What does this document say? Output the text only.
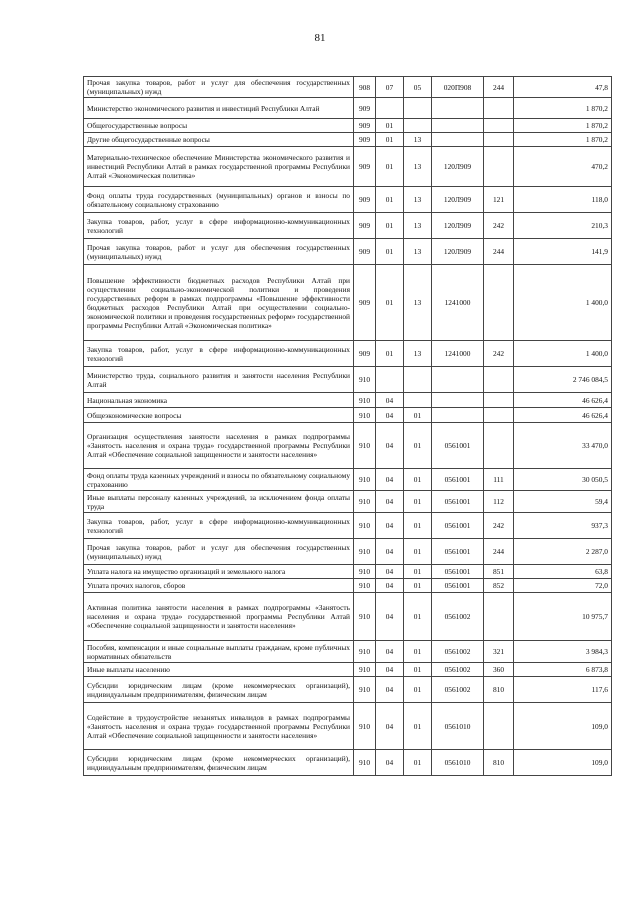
81
Прочая закупка товаров, работ и услуг для обеспечения государственных (муниципальных) нужд	908	07	05	020П908	244	47,8
Министерство экономического развития и инвестиций Республики Алтай	909					1 870,2
Общегосударственные вопросы	909	01				1 870,2
Другие общегосударственные вопросы	909	01	13			1 870,2
Материально-техническое обеспечение Министерства экономического развития и инвестиций Республики Алтай в рамках государственной программы Республики Алтай «Экономическая политика»	909	01	13	120Л909		470,2
Фонд оплаты труда государственных (муниципальных) органов и взносы по обязательному социальному страхованию	909	01	13	120Л909	121	118,0
Закупка товаров, работ, услуг в сфере информационно-коммуникационных технологий	909	01	13	120Л909	242	210,3
Прочая закупка товаров, работ и услуг для обеспечения государственных (муниципальных) нужд	909	01	13	120Л909	244	141,9
Повышение эффективности бюджетных расходов Республики Алтай при осуществлении социально-экономической политики и проведения государственных реформ в рамках подпрограммы «Повышение эффективности бюджетных расходов Республики Алтай при осуществлении социально-экономической политики и проведения государственных реформ» государственной программы Республики Алтай «Экономическая политика»	909	01	13	1241000		1 400,0
Закупка товаров, работ, услуг в сфере информационно-коммуникационных технологий	909	01	13	1241000	242	1 400,0
Министерство труда, социального развития и занятости населения Республики Алтай	910					2 746 084,5
Национальная экономика	910	04				46 626,4
Общеэкономические вопросы	910	04	01			46 626,4
Организация осуществления занятости населения в рамках подпрограммы «Занятость населения и охрана труда» государственной программы Республики Алтай «Обеспечение социальной защищенности и занятости населения»	910	04	01	0561001		33 470,0
Фонд оплаты труда казенных учреждений и взносы по обязательному социальному страхованию	910	04	01	0561001	111	30 050,5
Иные выплаты персоналу казенных учреждений, за исключением фонда оплаты труда	910	04	01	0561001	112	59,4
Закупка товаров, работ, услуг в сфере информационно-коммуникационных технологий	910	04	01	0561001	242	937,3
Прочая закупка товаров, работ и услуг для обеспечения государственных (муниципальных) нужд	910	04	01	0561001	244	2 287,0
Уплата налога на имущество организаций и земельного налога	910	04	01	0561001	851	63,8
Уплата прочих налогов, сборов	910	04	01	0561001	852	72,0
Активная политика занятости населения в рамках подпрограммы «Занятость населения и охрана труда» государственной программы Республики Алтай «Обеспечение социальной защищенности и занятости населения»	910	04	01	0561002		10 975,7
Пособия, компенсации и иные социальные выплаты гражданам, кроме публичных нормативных обязательств	910	04	01	0561002	321	3 984,3
Иные выплаты населению	910	04	01	0561002	360	6 873,8
Субсидии юридическим лицам (кроме некоммерческих организаций), индивидуальным предпринимателям, физическим лицам	910	04	01	0561002	810	117,6
Содействие в трудоустройстве незанятых инвалидов в рамках подпрограммы «Занятость населения и охрана труда» государственной программы Республики Алтай «Обеспечение социальной защищенности и занятости населения»	910	04	01	0561010		109,0
Субсидии юридическим лицам (кроме некоммерческих организаций), индивидуальным предпринимателям, физическим лицам	910	04	01	0561010	810	109,0
